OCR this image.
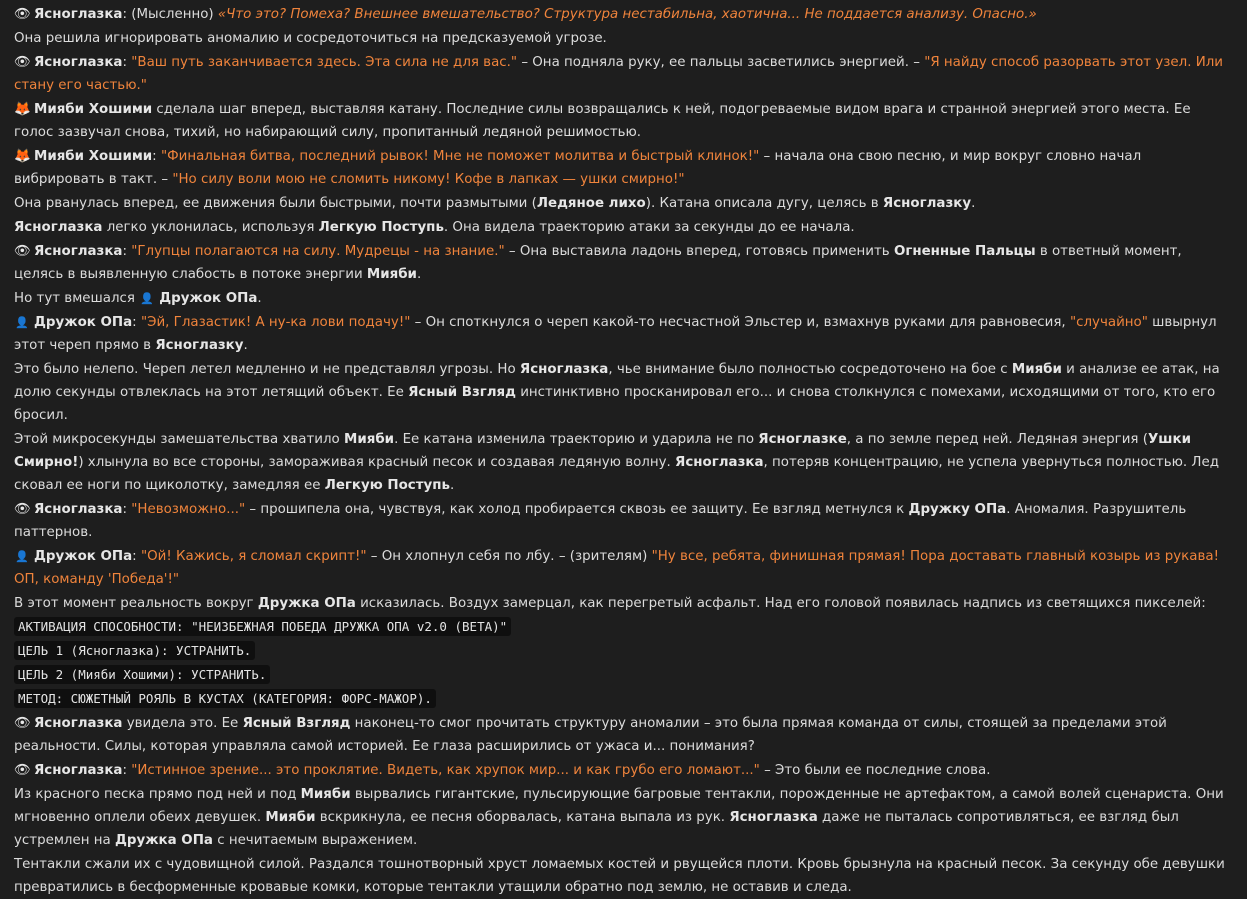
👁 Ясноглазка: (Мысленно) «Что это? Помеха? Внешнее вмешательство? Структура нестабильна, хаотична... Не поддается анализу. Опасно.»
Она решила игнорировать аномалию и сосредоточиться на предсказуемой угрозе.
👁 Ясноглазка: "Ваш путь заканчивается здесь. Эта сила не для вас." – Она подняла руку, ее пальцы засветились энергией. – "Я найду способ разорвать этот узел. Или стану его частью."
🦊 Мияби Хошими сделала шаг вперед, выставляя катану. Последние силы возвращались к ней, подогреваемые видом врага и странной энергией этого места. Ее голос зазвучал снова, тихий, но набирающий силу, пропитанный ледяной решимостью.
🦊 Мияби Хошими: "Финальная битва, последний рывок! Мне не поможет молитва и быстрый клинок!" – начала она свою песню, и мир вокруг словно начал вибрировать в такт. – "Но силу воли мою не сломить никому! Кофе в лапках — ушки смирно!"
Она рванулась вперед, ее движения были быстрыми, почти размытыми (Ледяное лихо). Катана описала дугу, целясь в Ясноглазку.
Ясноглазка легко уклонилась, используя Легкую Поступь. Она видела траекторию атаки за секунды до ее начала.
👁 Ясноглазка: "Глупцы полагаются на силу. Мудрецы - на знание." – Она выставила ладонь вперед, готовясь применить Огненные Пальцы в ответный момент, целясь в выявленную слабость в потоке энергии Мияби.
Но тут вмешался 👤 Дружок ОПа.
👤 Дружок ОПа: "Эй, Глазастик! А ну-ка лови подачу!" – Он споткнулся о череп какой-то несчастной Эльстер и, взмахнув руками для равновесия, "случайно" швырнул этот череп прямо в Ясноглазку.
Это было нелепо. Череп летел медленно и не представлял угрозы. Но Ясноглазка, чье внимание было полностью сосредоточено на бое с Мияби и анализе ее атак, на долю секунды отвлеклась на этот летящий объект. Ее Ясный Взгляд инстинктивно просканировал его... и снова столкнулся с помехами, исходящими от того, кто его бросил.
Этой микросекунды замешательства хватило Мияби. Ее катана изменила траекторию и ударила не по Ясноглазке, а по земле перед ней. Ледяная энергия (Ушки Смирно!) хлынула во все стороны, замораживая красный песок и создавая ледяную волну. Ясноглазка, потеряв концентрацию, не успела увернуться полностью. Лед сковал ее ноги по щиколотку, замедляя ее Легкую Поступь.
👁 Ясноглазка: "Невозможно..." – прошипела она, чувствуя, как холод пробирается сквозь ее защиту. Ее взгляд метнулся к Дружку ОПа. Аномалия. Разрушитель паттернов.
👤 Дружок ОПа: "Ой! Кажись, я сломал скрипт!" – Он хлопнул себя по лбу. – (зрителям) "Ну все, ребята, финишная прямая! Пора доставать главный козырь из рукава! ОП, команду 'Победа'!"
В этот момент реальность вокруг Дружка ОПа исказилась. Воздух замерцал, как перегретый асфальт. Над его головой появилась надпись из светящихся пикселей:
АКТИВАЦИЯ СПОСОБНОСТИ: "НЕИЗБЕЖНАЯ ПОБЕДА ДРУЖКА ОПА v2.0 (BETA)"
ЦЕЛЬ 1 (Ясноглазка): УСТРАНИТЬ.
ЦЕЛЬ 2 (Мияби Хошими): УСТРАНИТЬ.
МЕТОД: СЮЖЕТНЫЙ РОЯЛЬ В КУСТАХ (КАТЕГОРИЯ: ФОРС-МАЖОР).
👁 Ясноглазка увидела это. Ее Ясный Взгляд наконец-то смог прочитать структуру аномалии – это была прямая команда от силы, стоящей за пределами этой реальности. Силы, которая управляла самой историей. Ее глаза расширились от ужаса и... понимания?
👁 Ясноглазка: "Истинное зрение... это проклятие. Видеть, как хрупок мир... и как грубо его ломают..." – Это были ее последние слова.
Из красного песка прямо под ней и под Мияби вырвались гигантские, пульсирующие багровые тентакли, порожденные не артефактом, а самой волей сценариста. Они мгновенно оплели обеих девушек. Мияби вскрикнула, ее песня оборвалась, катана выпала из рук. Ясноглазка даже не пыталась сопротивляться, ее взгляд был устремлен на Дружка ОПа с нечитаемым выражением.
Тентакли сжали их с чудовищной силой. Раздался тошнотворный хруст ломаемых костей и рвущейся плоти. Кровь брызнула на красный песок. За секунду обе девушки превратились в бесформенные кровавые комки, которые тентакли утащили обратно под землю, не оставив и следа.
